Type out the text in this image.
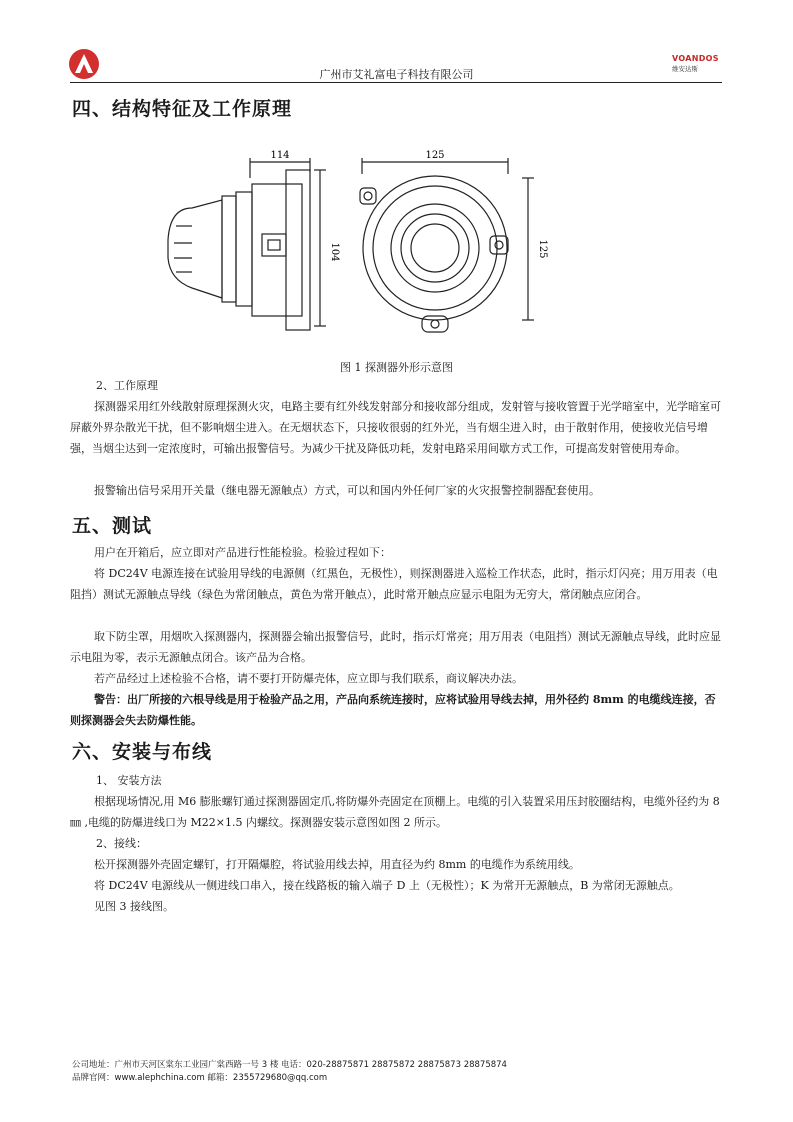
广州市艾礼富电子科技有限公司
VOANDOS
维安达斯
四、结构特征及工作原理
114
104
125
125
图 1 探测器外形示意图

2、工作原理

探测器采用红外线散射原理探测火灾，电路主要有红外线发射部分和接收部分组成，发射管与接收管置于光学暗室中，光学暗室可屏蔽外界杂散光干扰，但不影响烟尘进入。在无烟状态下，只接收很弱的红外光，当有烟尘进入时，由于散射作用，使接收光信号增强，当烟尘达到一定浓度时，可输出报警信号。为减少干扰及降低功耗，发射电路采用间歇方式工作，可提高发射管使用寿命。

报警输出信号采用开关量（继电器无源触点）方式，可以和国内外任何厂家的火灾报警控制器配套使用。

五、测试

用户在开箱后，应立即对产品进行性能检验。检验过程如下：

将 DC24V 电源连接在试验用导线的电源侧（红黑色，无极性），则探测器进入巡检工作状态，此时，指示灯闪亮；用万用表（电阻挡）测试无源触点导线（绿色为常闭触点，黄色为常开触点），此时常开触点应显示电阻为无穷大，常闭触点应闭合。

取下防尘罩，用烟吹入探测器内，探测器会输出报警信号，此时，指示灯常亮；用万用表（电阻挡）测试无源触点导线，此时应显示电阻为零，表示无源触点闭合。该产品为合格。

若产品经过上述检验不合格，请不要打开防爆壳体，应立即与我们联系，商议解决办法。

警告：出厂所接的六根导线是用于检验产品之用，产品向系统连接时，应将试验用导线去掉，用外径约 8mm 的电缆线连接，否则探测器会失去防爆性能。

六、安装与布线

1、 安装方法

根据现场情况,用 M6 膨胀螺钉通过探测器固定爪,将防爆外壳固定在顶棚上。电缆的引入装置采用压封胶圈结构，电缆外径约为 8㎜ ,电缆的防爆进线口为 M22×1.5 内螺纹。探测器安装示意图如图 2 所示。

2、接线：

松开探测器外壳固定螺钉，打开隔爆腔，将试验用线去掉，用直径为约 8mm 的电缆作为系统用线。

将 DC24V 电源线从一侧进线口串入，接在线路板的输入端子 D 上（无极性）；K 为常开无源触点，B 为常闭无源触点。

见图 3 接线图。

公司地址：广州市天河区棠东工业园广棠西路一号 3 楼 电话：020-28875871 28875872 28875873 28875874
品牌官网：www.alephchina.com 邮箱：2355729680@qq.com
